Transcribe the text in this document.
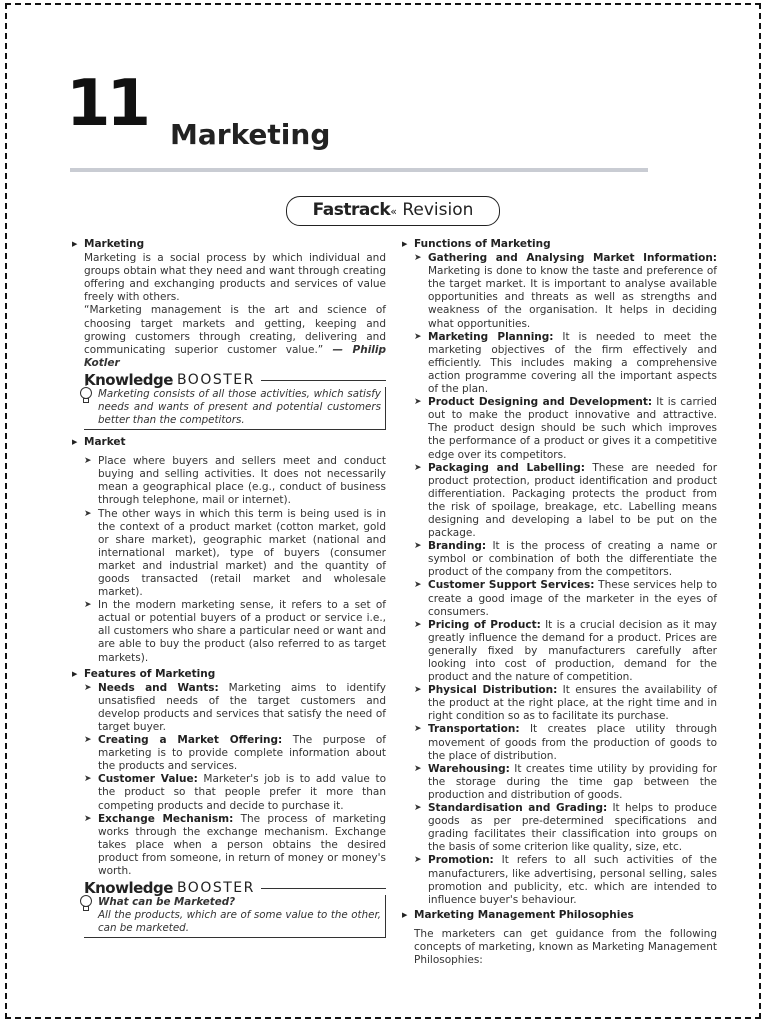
11 Marketing
Fastrack« Revision

▶ Marketing

Marketing is a social process by which individual and groups obtain what they need and want through creating offering and exchanging products and services of value freely with others.

“Marketing management is the art and science of choosing target markets and getting, keeping and growing customers through creating, delivering and communicating superior customer value.” — Philip Kotler

Knowledge BOOSTER
Marketing consists of all those activities, which satisfy needs and wants of present and potential customers better than the competitors.

▶ Market

➤ Place where buyers and sellers meet and conduct buying and selling activities. It does not necessarily mean a geographical place (e.g., conduct of business through telephone, mail or internet).

➤ The other ways in which this term is being used is in the context of a product market (cotton market, gold or share market), geographic market (national and international market), type of buyers (consumer market and industrial market) and the quantity of goods transacted (retail market and wholesale market).

➤ In the modern marketing sense, it refers to a set of actual or potential buyers of a product or service i.e., all customers who share a particular need or want and are able to buy the product (also referred to as target markets).

▶ Features of Marketing

➤ Needs and Wants: Marketing aims to identify unsatisfied needs of the target customers and develop products and services that satisfy the need of target buyer.

➤ Creating a Market Offering: The purpose of marketing is to provide complete information about the products and services.

➤ Customer Value: Marketer's job is to add value to the product so that people prefer it more than competing products and decide to purchase it.

➤ Exchange Mechanism: The process of marketing works through the exchange mechanism. Exchange takes place when a person obtains the desired product from someone, in return of money or money's worth.

Knowledge BOOSTER
What can be Marketed?
All the products, which are of some value to the other, can be marketed.

▶ Functions of Marketing

➤ Gathering and Analysing Market Information: Marketing is done to know the taste and preference of the target market. It is important to analyse available opportunities and threats as well as strengths and weakness of the organisation. It helps in deciding what opportunities.

➤ Marketing Planning: It is needed to meet the marketing objectives of the firm effectively and efficiently. This includes making a comprehensive action programme covering all the important aspects of the plan.

➤ Product Designing and Development: It is carried out to make the product innovative and attractive. The product design should be such which improves the performance of a product or gives it a competitive edge over its competitors.

➤ Packaging and Labelling: These are needed for product protection, product identification and product differentiation. Packaging protects the product from the risk of spoilage, breakage, etc. Labelling means designing and developing a label to be put on the package.

➤ Branding: It is the process of creating a name or symbol or combination of both the differentiate the product of the company from the competitors.

➤ Customer Support Services: These services help to create a good image of the marketer in the eyes of consumers.

➤ Pricing of Product: It is a crucial decision as it may greatly influence the demand for a product. Prices are generally fixed by manufacturers carefully after looking into cost of production, demand for the product and the nature of competition.

➤ Physical Distribution: It ensures the availability of the product at the right place, at the right time and in right condition so as to facilitate its purchase.

➤ Transportation: It creates place utility through movement of goods from the production of goods to the place of distribution.

➤ Warehousing: It creates time utility by providing for the storage during the time gap between the production and distribution of goods.

➤ Standardisation and Grading: It helps to produce goods as per pre-determined specifications and grading facilitates their classification into groups on the basis of some criterion like quality, size, etc.

➤ Promotion: It refers to all such activities of the manufacturers, like advertising, personal selling, sales promotion and publicity, etc. which are intended to influence buyer's behaviour.

▶ Marketing Management Philosophies

The marketers can get guidance from the following concepts of marketing, known as Marketing Management Philosophies:
